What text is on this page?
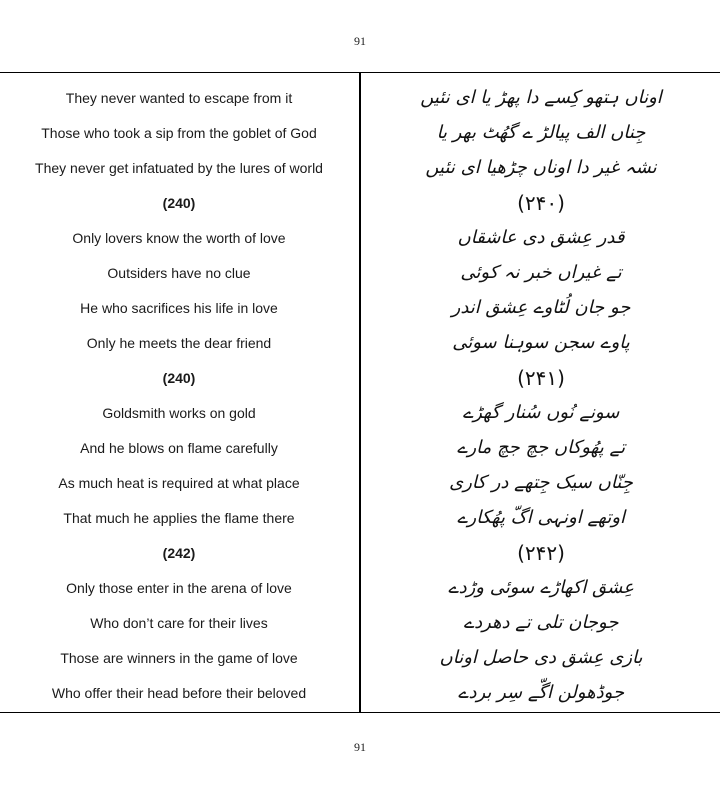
91
They never wanted to escape from it
Those who took a sip from the goblet of God
They never get infatuated by the lures of world
(240)
Only lovers know the worth of love
Outsiders have no clue
He who sacrifices his life in love
Only he meets the dear friend
(240)
Goldsmith works on gold
And he blows on flame carefully
As much heat is required at what place
That much he applies the flame there
(242)
Only those enter in the arena of love
Who don’t care for their lives
Those are winners in the game of love
Who offer their head before their beloved
اوناں ہتھو کِسے دا پھڑ یا ای نئیں
جِناں الف پیالڑ ے گھُٹ بھر یا
نشہ غیر دا اوناں چڑھیا ای نئیں
(۲۴۰)
قدر عِشق دی عاشقاں
تے غیراں خبر نہ کوئی
جو جان لُٹاوے عِشق اندر
پاوے سجن سوہنا سوئی
(۲۴۱)
سونے نُوں سُنار گھڑے
تے پھُوکاں جچ جچ مارے
جِنّاں سیک جِتھے در کاری
اوتھے اونہی اگّ پھُکارے
(۲۴۲)
عِشق اکھاڑے سوئی وڑدے
جوجان تلی تے دھردے
بازی عِشق دی حاصل اوناں
جوڈھولن اگّے سِر بردے
91
